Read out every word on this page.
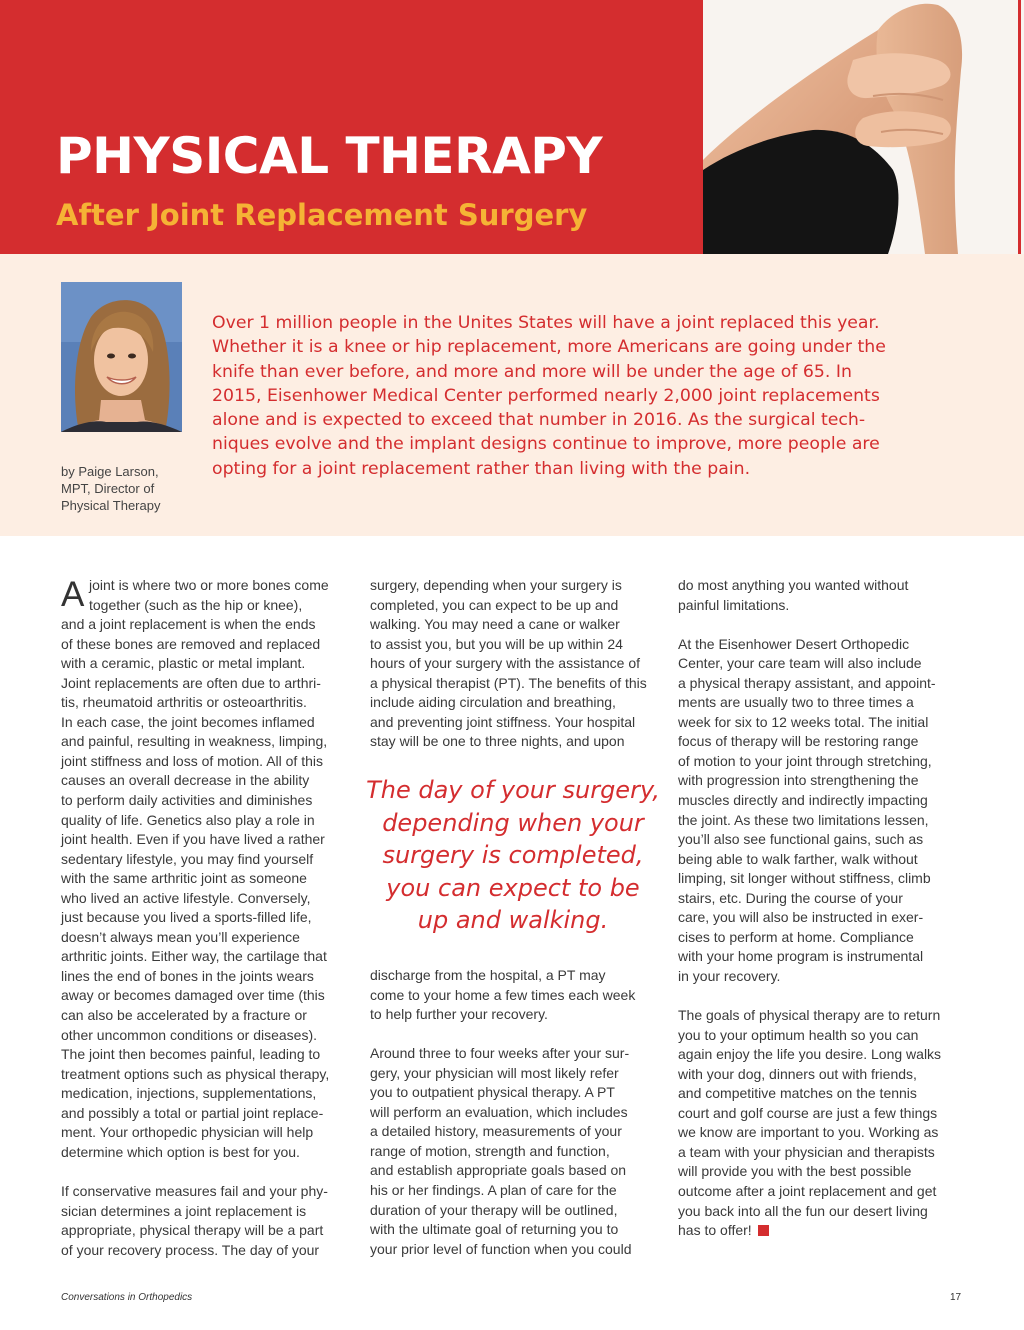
PHYSICAL THERAPY
After Joint Replacement Surgery
by Paige Larson,
MPT, Director of
Physical Therapy

Over 1 million people in the Unites States will have a joint replaced this year.
Whether it is a knee or hip replacement, more Americans are going under the
knife than ever before, and more and more will be under the age of 65. In
2015, Eisenhower Medical Center performed nearly 2,000 joint replacements
alone and is expected to exceed that number in 2016. As the surgical tech-
niques evolve and the implant designs continue to improve, more people are
opting for a joint replacement rather than living with the pain.

A joint is where two or more bones come
together (such as the hip or knee),
and a joint replacement is when the ends
of these bones are removed and replaced
with a ceramic, plastic or metal implant.
Joint replacements are often due to arthri-
tis, rheumatoid arthritis or osteoarthritis.
In each case, the joint becomes inflamed
and painful, resulting in weakness, limping,
joint stiffness and loss of motion. All of this
causes an overall decrease in the ability
to perform daily activities and diminishes
quality of life. Genetics also play a role in
joint health. Even if you have lived a rather
sedentary lifestyle, you may find yourself
with the same arthritic joint as someone
who lived an active lifestyle. Conversely,
just because you lived a sports-filled life,
doesn’t always mean you’ll experience
arthritic joints. Either way, the cartilage that
lines the end of bones in the joints wears
away or becomes damaged over time (this
can also be accelerated by a fracture or
other uncommon conditions or diseases).
The joint then becomes painful, leading to
treatment options such as physical therapy,
medication, injections, supplementations,
and possibly a total or partial joint replace-
ment. Your orthopedic physician will help
determine which option is best for you.
If conservative measures fail and your phy-
sician determines a joint replacement is
appropriate, physical therapy will be a part
of your recovery process. The day of your
surgery, depending when your surgery is
completed, you can expect to be up and
walking. You may need a cane or walker
to assist you, but you will be up within 24
hours of your surgery with the assistance of
a physical therapist (PT). The benefits of this
include aiding circulation and breathing,
and preventing joint stiffness. Your hospital
stay will be one to three nights, and upon
The day of your surgery,
depending when your
surgery is completed,
you can expect to be
up and walking.
discharge from the hospital, a PT may
come to your home a few times each week
to help further your recovery.
Around three to four weeks after your sur-
gery, your physician will most likely refer
you to outpatient physical therapy. A PT
will perform an evaluation, which includes
a detailed history, measurements of your
range of motion, strength and function,
and establish appropriate goals based on
his or her findings. A plan of care for the
duration of your therapy will be outlined,
with the ultimate goal of returning you to
your prior level of function when you could
do most anything you wanted without
painful limitations.
At the Eisenhower Desert Orthopedic
Center, your care team will also include
a physical therapy assistant, and appoint-
ments are usually two to three times a
week for six to 12 weeks total. The initial
focus of therapy will be restoring range
of motion to your joint through stretching,
with progression into strengthening the
muscles directly and indirectly impacting
the joint. As these two limitations lessen,
you’ll also see functional gains, such as
being able to walk farther, walk without
limping, sit longer without stiffness, climb
stairs, etc. During the course of your
care, you will also be instructed in exer-
cises to perform at home. Compliance
with your home program is instrumental
in your recovery.
The goals of physical therapy are to return
you to your optimum health so you can
again enjoy the life you desire. Long walks
with your dog, dinners out with friends,
and competitive matches on the tennis
court and golf course are just a few things
we know are important to you. Working as
a team with your physician and therapists
will provide you with the best possible
outcome after a joint replacement and get
you back into all the fun our desert living
has to offer!
Conversations in Orthopedics	17
